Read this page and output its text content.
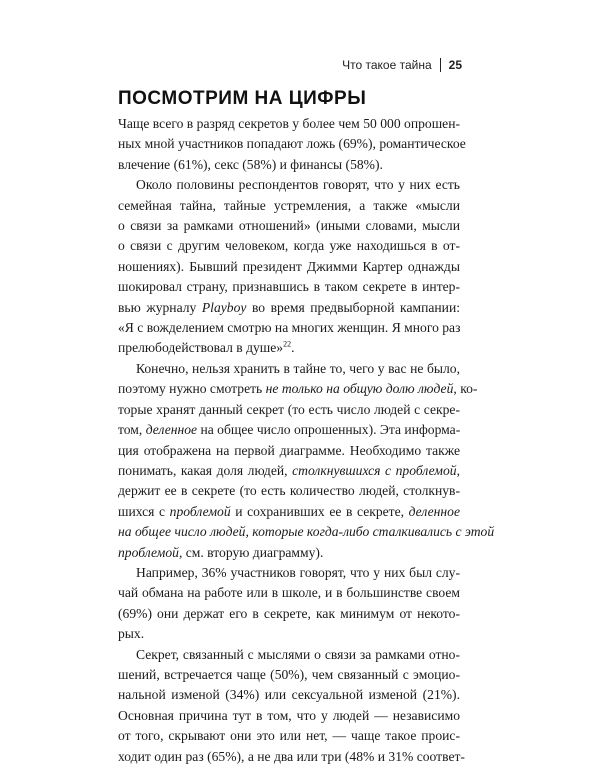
Что такое тайна 25
ПОСМОТРИМ НА ЦИФРЫ
Чаще всего в разряд секретов у более чем 50 000 опрошен-
ных мной участников попадают ложь (69%), романтическое
влечение (61%), секс (58%) и финансы (58%).
Около половины респондентов говорят, что у них есть
семейная тайна, тайные устремления, а также «мысли
о связи за рамками отношений» (иными словами, мысли
о связи с другим человеком, когда уже находишься в от-
ношениях). Бывший президент Джимми Картер однажды
шокировал страну, признавшись в таком секрете в интер-
вью журналу Playboy во время предвыборной кампании:
«Я с вожделением смотрю на многих женщин. Я много раз
прелюбодействовал в душе»$^{22}$.
Конечно, нельзя хранить в тайне то, чего у вас не было,
поэтому нужно смотреть не только на общую долю людей, ко-
торые хранят данный секрет (то есть число людей с секре-
том, деленное на общее число опрошенных). Эта информа-
ция отображена на первой диаграмме. Необходимо также
понимать, какая доля людей, столкнувшихся с проблемой,
держит ее в секрете (то есть количество людей, столкнув-
шихся с проблемой и сохранивших ее в секрете, деленное
на общее число людей, которые когда-либо сталкивались с этой
проблемой, см. вторую диаграмму).
Например, 36% участников говорят, что у них был слу-
чай обмана на работе или в школе, и в большинстве своем
(69%) они держат его в секрете, как минимум от некото-
рых.
Секрет, связанный с мыслями о связи за рамками отно-
шений, встречается чаще (50%), чем связанный с эмоцио-
нальной изменой (34%) или сексуальной изменой (21%).
Основная причина тут в том, что у людей — независимо
от того, скрывают они это или нет, — чаще такое проис-
ходит один раз (65%), а не два или три (48% и 31% соответ-
